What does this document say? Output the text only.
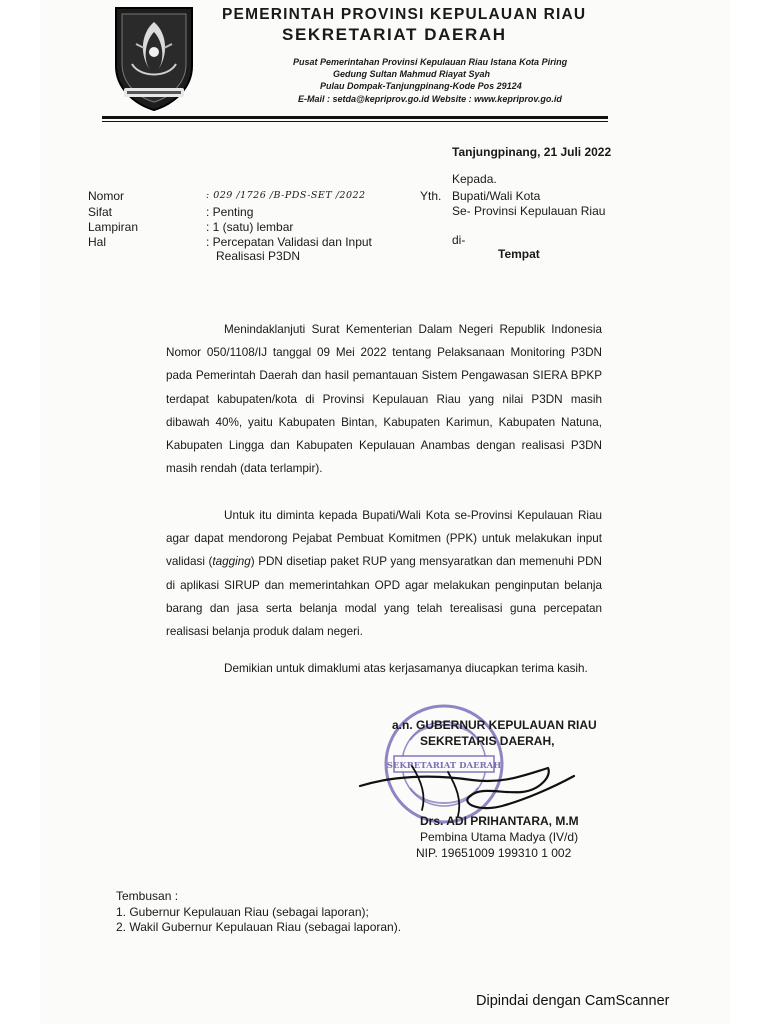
PEMERINTAH PROVINSI KEPULAUAN RIAU
SEKRETARIAT DAERAH
Pusat Pemerintahan Provinsi Kepulauan Riau Istana Kota Piring
Gedung Sultan Mahmud Riayat Syah
Pulau Dompak-Tanjungpinang-Kode Pos 29124
E-Mail : setda@kepriprov.go.id Website : www.kepriprov.go.id
Tanjungpinang, 21 Juli 2022
Kepada.
Yth. Bupati/Wali Kota
Se- Provinsi Kepulauan Riau
di-
Tempat
Nomor	: 029 /1726 /B-PDS-SET /2022
Sifat	: Penting
Lampiran	: 1 (satu) lembar
Hal	: Percepatan Validasi dan Input
Realisasi P3DN
Menindaklanjuti Surat Kementerian Dalam Negeri Republik Indonesia Nomor 050/1108/IJ tanggal 09 Mei 2022 tentang Pelaksanaan Monitoring P3DN pada Pemerintah Daerah dan hasil pemantauan Sistem Pengawasan SIERA BPKP terdapat kabupaten/kota di Provinsi Kepulauan Riau yang nilai P3DN masih dibawah 40%, yaitu Kabupaten Bintan, Kabupaten Karimun, Kabupaten Natuna, Kabupaten Lingga dan Kabupaten Kepulauan Anambas dengan realisasi P3DN masih rendah (data terlampir).
Untuk itu diminta kepada Bupati/Wali Kota se-Provinsi Kepulauan Riau agar dapat mendorong Pejabat Pembuat Komitmen (PPK) untuk melakukan input validasi (tagging) PDN disetiap paket RUP yang mensyaratkan dan memenuhi PDN di aplikasi SIRUP dan memerintahkan OPD agar melakukan penginputan belanja barang dan jasa serta belanja modal yang telah terealisasi guna percepatan realisasi belanja produk dalam negeri.
Demikian untuk dimaklumi atas kerjasamanya diucapkan terima kasih.
SEKRETARIAT DAERAH
a.n. GUBERNUR KEPULAUAN RIAU
SEKRETARIS DAERAH,
Drs. ADI PRIHANTARA, M.M
Pembina Utama Madya (IV/d)
NIP. 19651009 199310 1 002
Tembusan :
1. Gubernur Kepulauan Riau (sebagai laporan);
2. Wakil Gubernur Kepulauan Riau (sebagai laporan).
Dipindai dengan CamScanner
